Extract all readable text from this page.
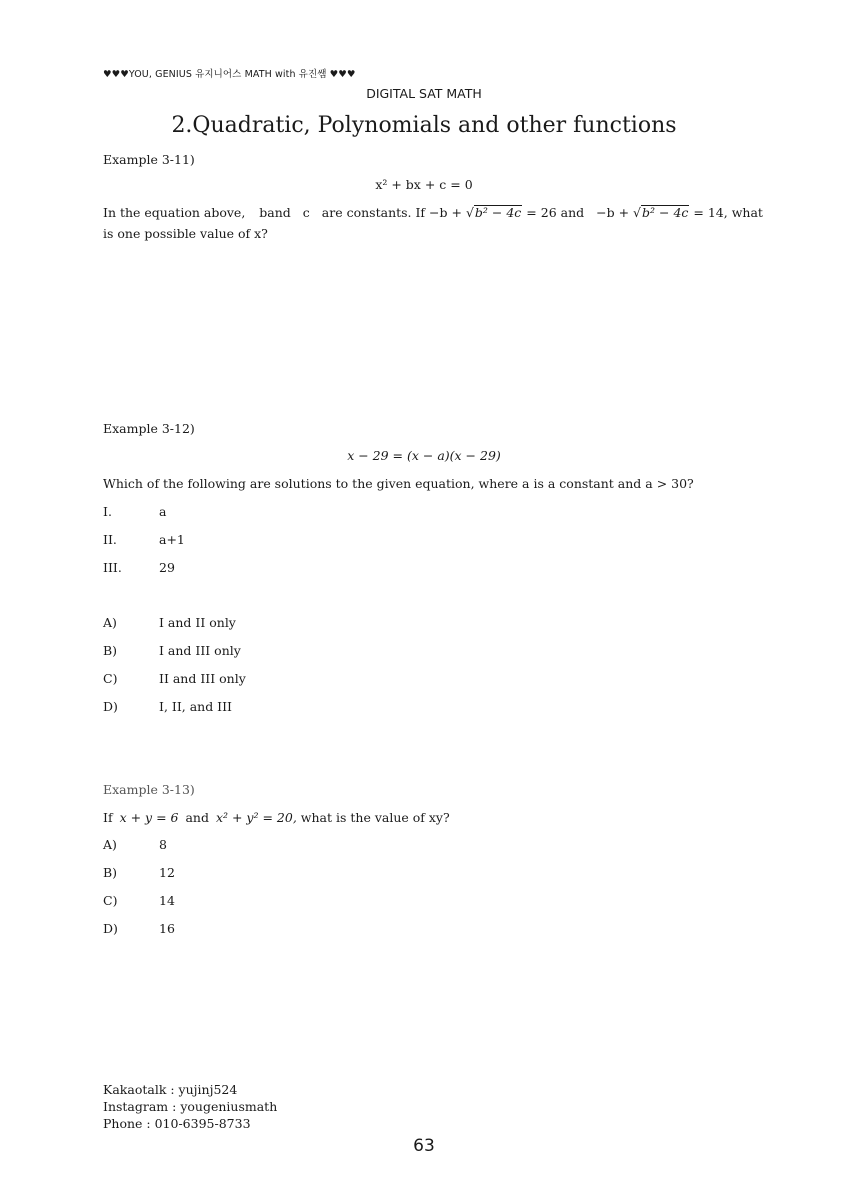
♥♥♥YOU, GENIUS 유지니어스 MATH with 유진쌤 ♥♥♥
DIGITAL SAT MATH
2.Quadratic, Polynomials and other functions
Example 3-11)
x² + bx + c = 0
In the equation above, band c are constants. If −b + √b² − 4c = 26 and −b + √b² − 4c = 14, what
is one possible value of x?
Example 3-12)
x − 29 = (x − a)(x − 29)
Which of the following are solutions to the given equation, where a is a constant and a > 30?
I.	a
II.	a+1
III.	29
A)	I and II only
B)	I and III only
C)	II and III only
D)	I, II, and III
Example 3-13)
If x + y = 6 and x² + y² = 20, what is the value of xy?
A)	8
B)	12
C)	14
D)	16
Kakaotalk : yujinj524
Instagram : yougeniusmath
Phone : 010-6395-8733
63
